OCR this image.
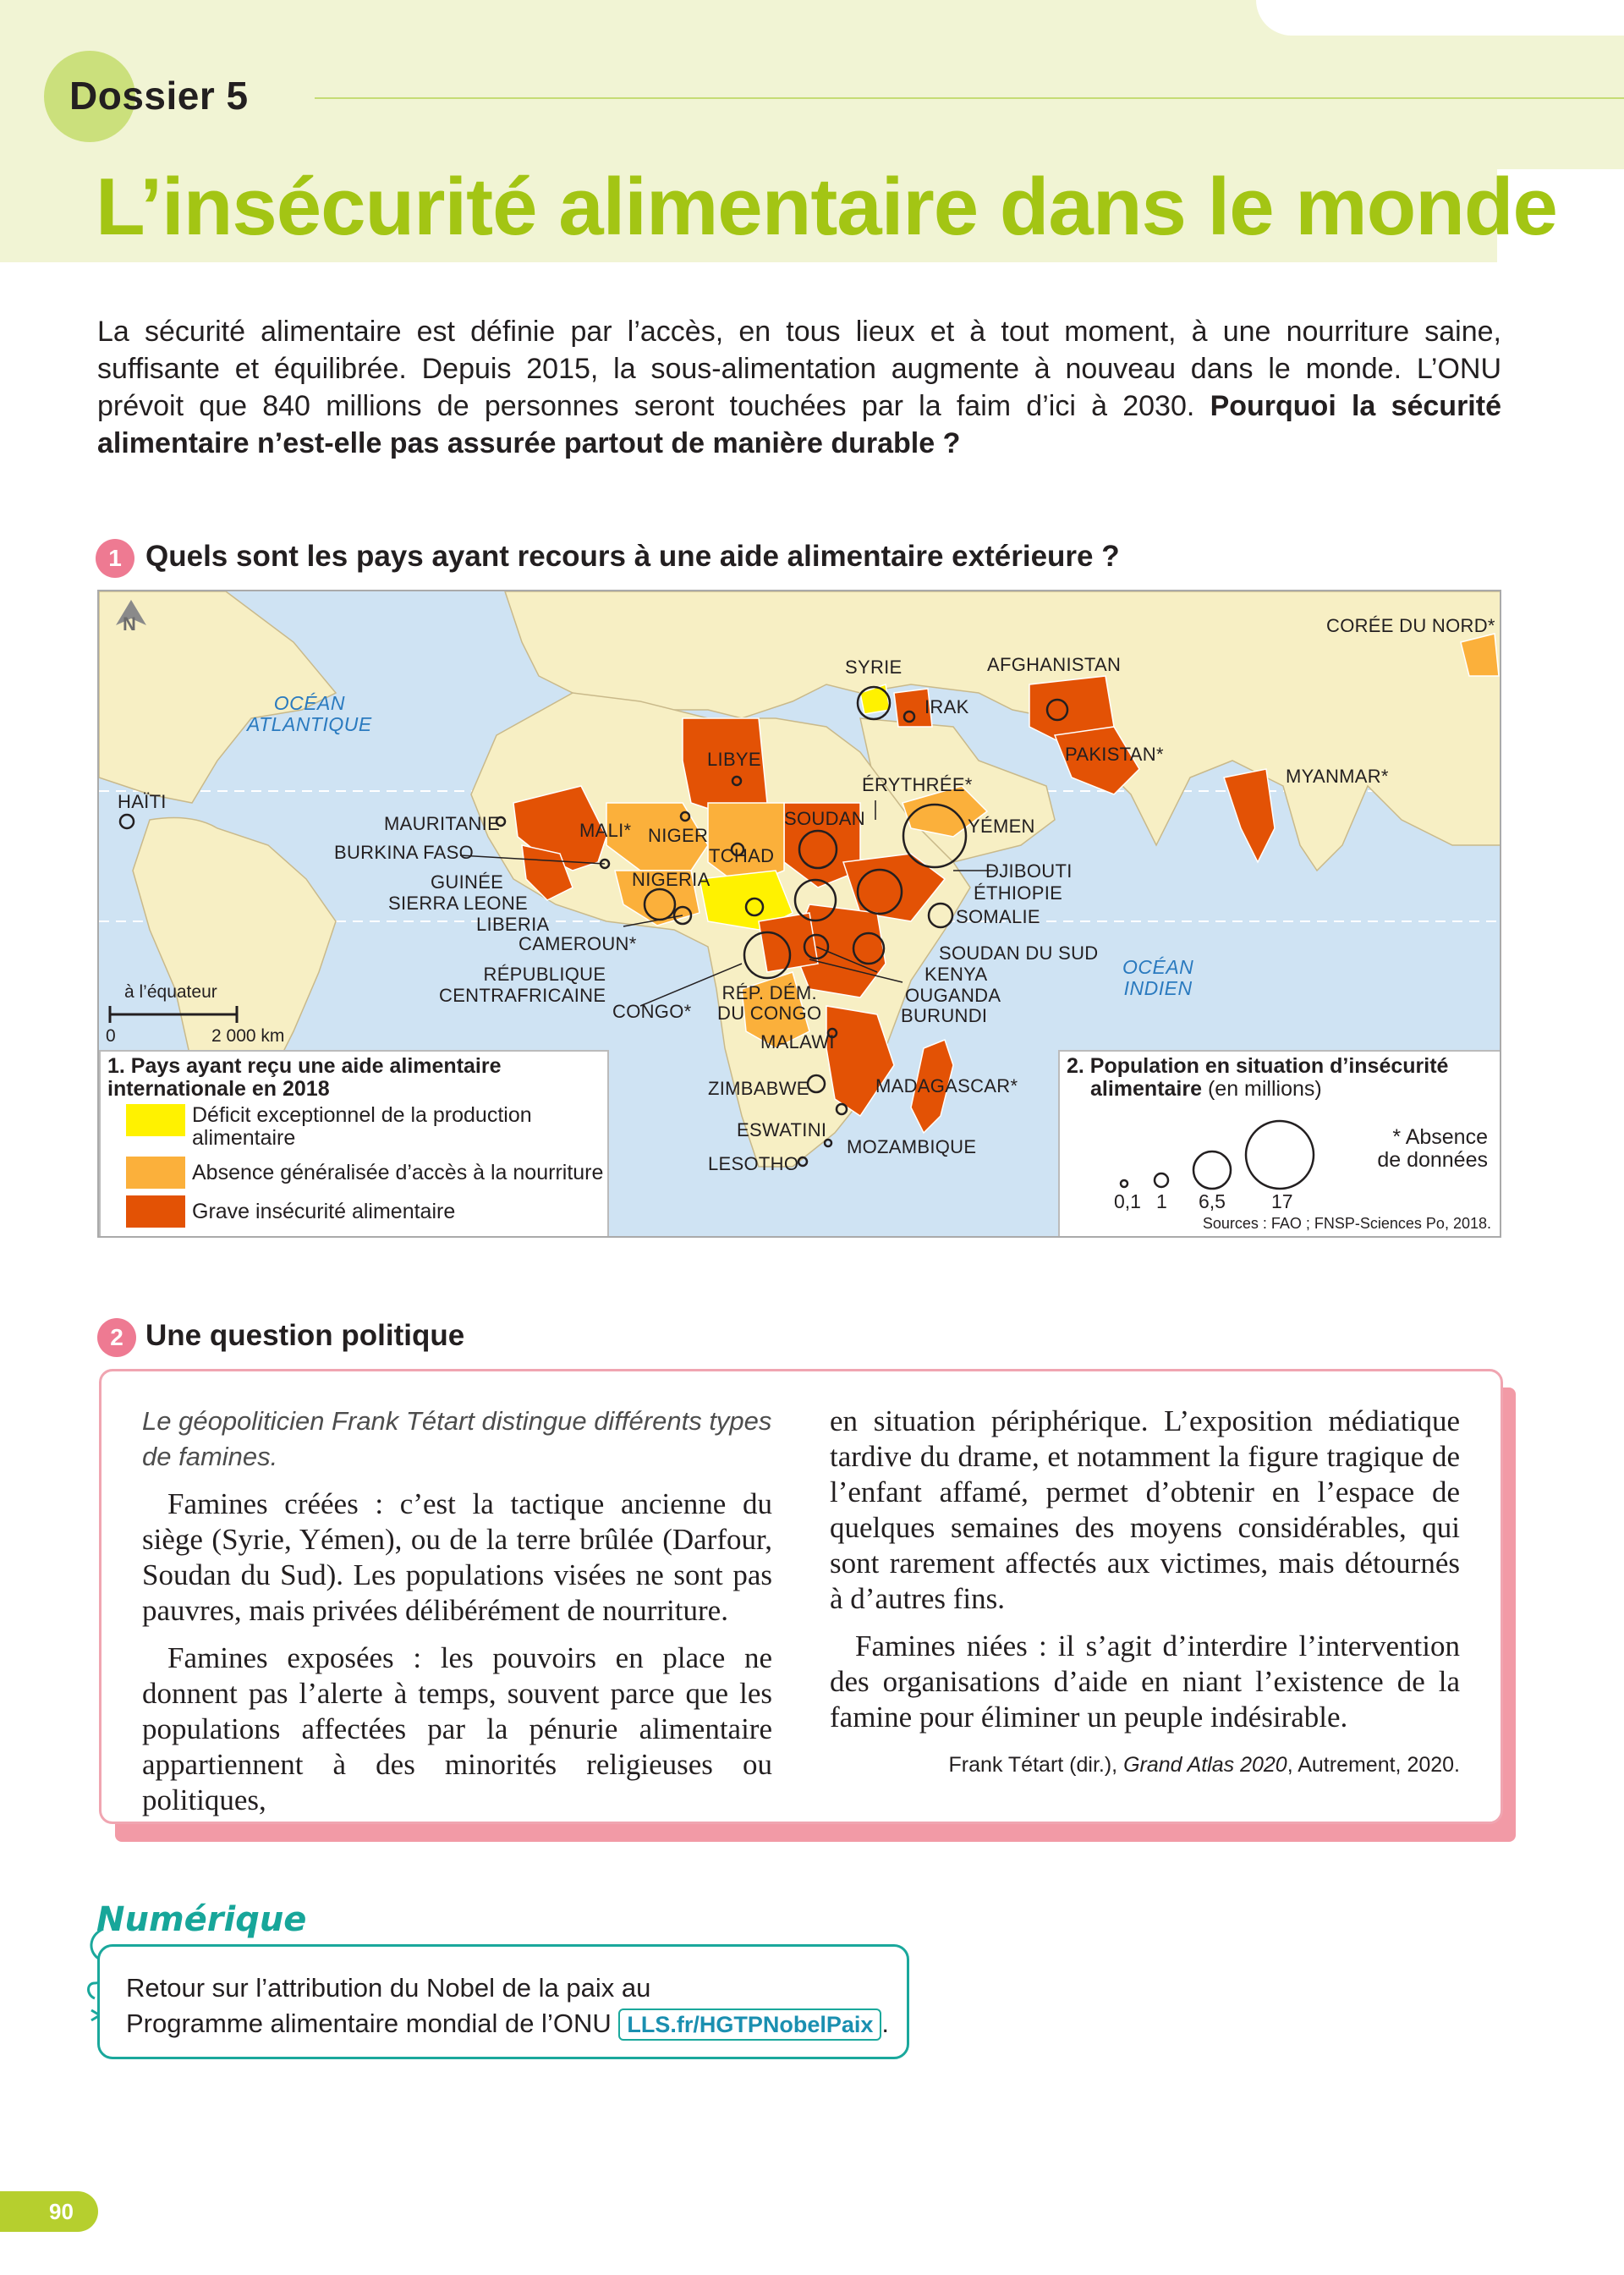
Dossier 5
L’insécurité alimentaire dans le monde

La sécurité alimentaire est définie par l’accès, en tous lieux et à tout moment, à une nourriture saine, suffisante et équilibrée. Depuis 2015, la sous-alimentation augmente à nouveau dans le monde. L’ONU prévoit que 840 millions de personnes seront touchées par la faim d’ici à 2030. Pourquoi la sécurité alimentaire n’est-elle pas assurée partout de manière durable ?

1 Quels sont les pays ayant recours à une aide alimentaire extérieure ?
N
OCÉAN
ATLANTIQUE
OCÉAN
INDIEN
HAÏTI
MAURITANIE
BURKINA FASO
GUINÉE
SIERRA LEONE
LIBERIA
MALI* NIGER
TCHAD
NIGERIA
CAMEROUN*
RÉPUBLIQUE
CENTRAFRICAINE
CONGO*
RÉP. DÉM.
DU CONGO
LIBYE
SOUDAN
ÉRYTHRÉE*
YÉMEN
DJIBOUTI
ÉTHIOPIE
SOMALIE
SOUDAN DU SUD
KENYA
OUGANDA
BURUNDI
MALAWI
ZIMBABWE	MADAGASCAR*
ESWATINI
LESOTHO
MOZAMBIQUE
SYRIE
IRAK
AFGHANISTAN
PAKISTAN*
MYANMAR*
CORÉE DU NORD*
à l’équateur
0	2 000 km
1. Pays ayant reçu une aide alimentaire internationale en 2018
Déficit exceptionnel de la production alimentaire
Absence généralisée d’accès à la nourriture
Grave insécurité alimentaire
2. Population en situation d’insécurité
alimentaire (en millions)
0,1 1 6,5 17
* Absence
de données
Sources : FAO ; FNSP-Sciences Po, 2018.
2 Une question politique

Le géopoliticien Frank Tétart distingue différents types de famines.

Famines créées : c’est la tactique ancienne du siège (Syrie, Yémen), ou de la terre brûlée (Darfour, Soudan du Sud). Les populations visées ne sont pas pauvres, mais privées délibérément de nourriture.

Famines exposées : les pouvoirs en place ne donnent pas l’alerte à temps, souvent parce que les populations affectées par la pénurie alimentaire appartiennent à des minorités religieuses ou politiques,

en situation périphérique. L’exposition médiatique tardive du drame, et notamment la figure tragique de l’enfant affamé, permet d’obtenir en l’espace de quelques semaines des moyens considérables, qui sont rarement affectés aux victimes, mais détournés à d’autres fins.

Famines niées : il s’agit d’interdire l’intervention des organisations d’aide en niant l’existence de la famine pour éliminer un peuple indésirable.

Frank Tétart (dir.), Grand Atlas 2020, Autrement, 2020.
Numérique
Retour sur l’attribution du Nobel de la paix au
Programme alimentaire mondial de l’ONU LLS.fr/HGTPNobelPaix .
90
